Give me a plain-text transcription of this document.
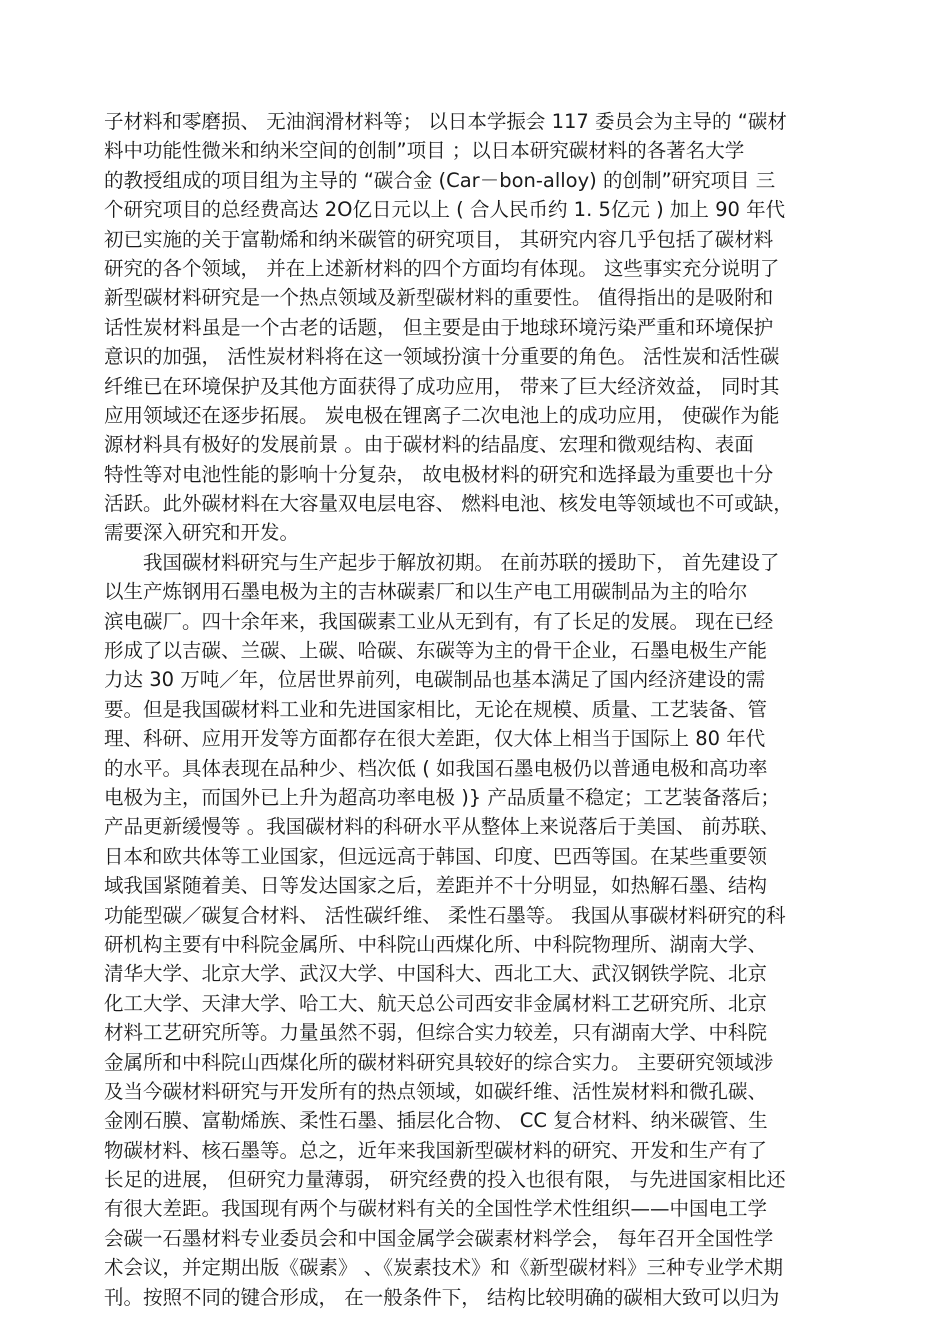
子材料和零磨损、 无油润滑材料等； 以日本学振会 117 委员会为主导的 “碳材
料中功能性微米和纳米空间的创制”项目 ；以日本研究碳材料的各著名大学
的教授组成的项目组为主导的 “碳合金 (Car－bon-alloy) 的创制”研究项目 三
个研究项目的总经费高达 2O亿日元以上 ( 合人民币约 1. 5亿元 ) 加上 90 年代
初已实施的关于富勒烯和纳米碳管的研究项目， 其研究内容几乎包括了碳材料
研究的各个领域， 并在上述新材料的四个方面均有体现。 这些事实充分说明了
新型碳材料研究是一个热点领域及新型碳材料的重要性。 值得指出的是吸附和
话性炭材料虽是一个古老的话题， 但主要是由于地球环境污染严重和环境保护
意识的加强， 活性炭材料将在这一领域扮演十分重要的角色。 活性炭和活性碳
纤维已在环境保护及其他方面获得了成功应用， 带来了巨大经济效益， 同时其
应用领域还在逐步拓展。 炭电极在锂离子二次电池上的成功应用， 使碳作为能
源材料具有极好的发展前景 。由于碳材料的结晶度、宏理和微观结构、表面
特性等对电池性能的影响十分复杂， 故电极材料的研究和选择最为重要也十分
活跃。此外碳材料在大容量双电层电容、 燃料电池、核发电等领域也不可或缺，
需要深入研究和开发。
　　我国碳材料研究与生产起步于解放初期。 在前苏联的援助下， 首先建设了
以生产炼钢用石墨电极为主的吉林碳素厂和以生产电工用碳制品为主的哈尔
滨电碳厂。四十余年来，我国碳素工业从无到有，有了长足的发展。 现在已经
形成了以吉碳、兰碳、上碳、哈碳、东碳等为主的骨干企业，石墨电极生产能
力达 30 万吨／年，位居世界前列，电碳制品也基本满足了国内经济建设的需
要。但是我国碳材料工业和先进国家相比，无论在规模、质量、工艺装备、管
理、科研、应用开发等方面都存在很大差距，仅大体上相当于国际上 80 年代
的水平。具体表现在品种少、档次低 ( 如我国石墨电极仍以普通电极和高功率
电极为主，而国外已上升为超高功率电极 )} 产品质量不稳定；工艺装备落后；
产品更新缓慢等 。我国碳材料的科研水平从整体上来说落后于美国、 前苏联、
日本和欧共体等工业国家，但远远高于韩国、印度、巴西等国。在某些重要领
域我国紧随着美、日等发达国家之后，差距并不十分明显，如热解石墨、结构
功能型碳／碳复合材料、 活性碳纤维、 柔性石墨等。 我国从事碳材料研究的科
研机构主要有中科院金属所、中科院山西煤化所、中科院物理所、湖南大学、
清华大学、北京大学、武汉大学、中国科大、西北工大、武汉钢铁学院、北京
化工大学、天津大学、哈工大、航天总公司西安非金属材料工艺研究所、北京
材料工艺研究所等。力量虽然不弱，但综合实力较差，只有湖南大学、中科院
金属所和中科院山西煤化所的碳材料研究具较好的综合实力。 主要研究领域涉
及当今碳材料研究与开发所有的热点领域，如碳纤维、活性炭材料和微孔碳、
金刚石膜、富勒烯族、柔性石墨、插层化合物、 CC 复合材料、纳米碳管、生
物碳材料、核石墨等。总之，近年来我国新型碳材料的研究、开发和生产有了
长足的进展， 但研究力量薄弱， 研究经费的投入也很有限， 与先进国家相比还
有很大差距。我国现有两个与碳材料有关的全国性学术性组织——中国电工学
会碳一石墨材料专业委员会和中国金属学会碳素材料学会， 每年召开全国性学
术会议，并定期出版《碳素》 、《炭素技术》和《新型碳材料》三种专业学术期
刊。按照不同的键合形成， 在一般条件下， 结构比较明确的碳相大致可以归为
